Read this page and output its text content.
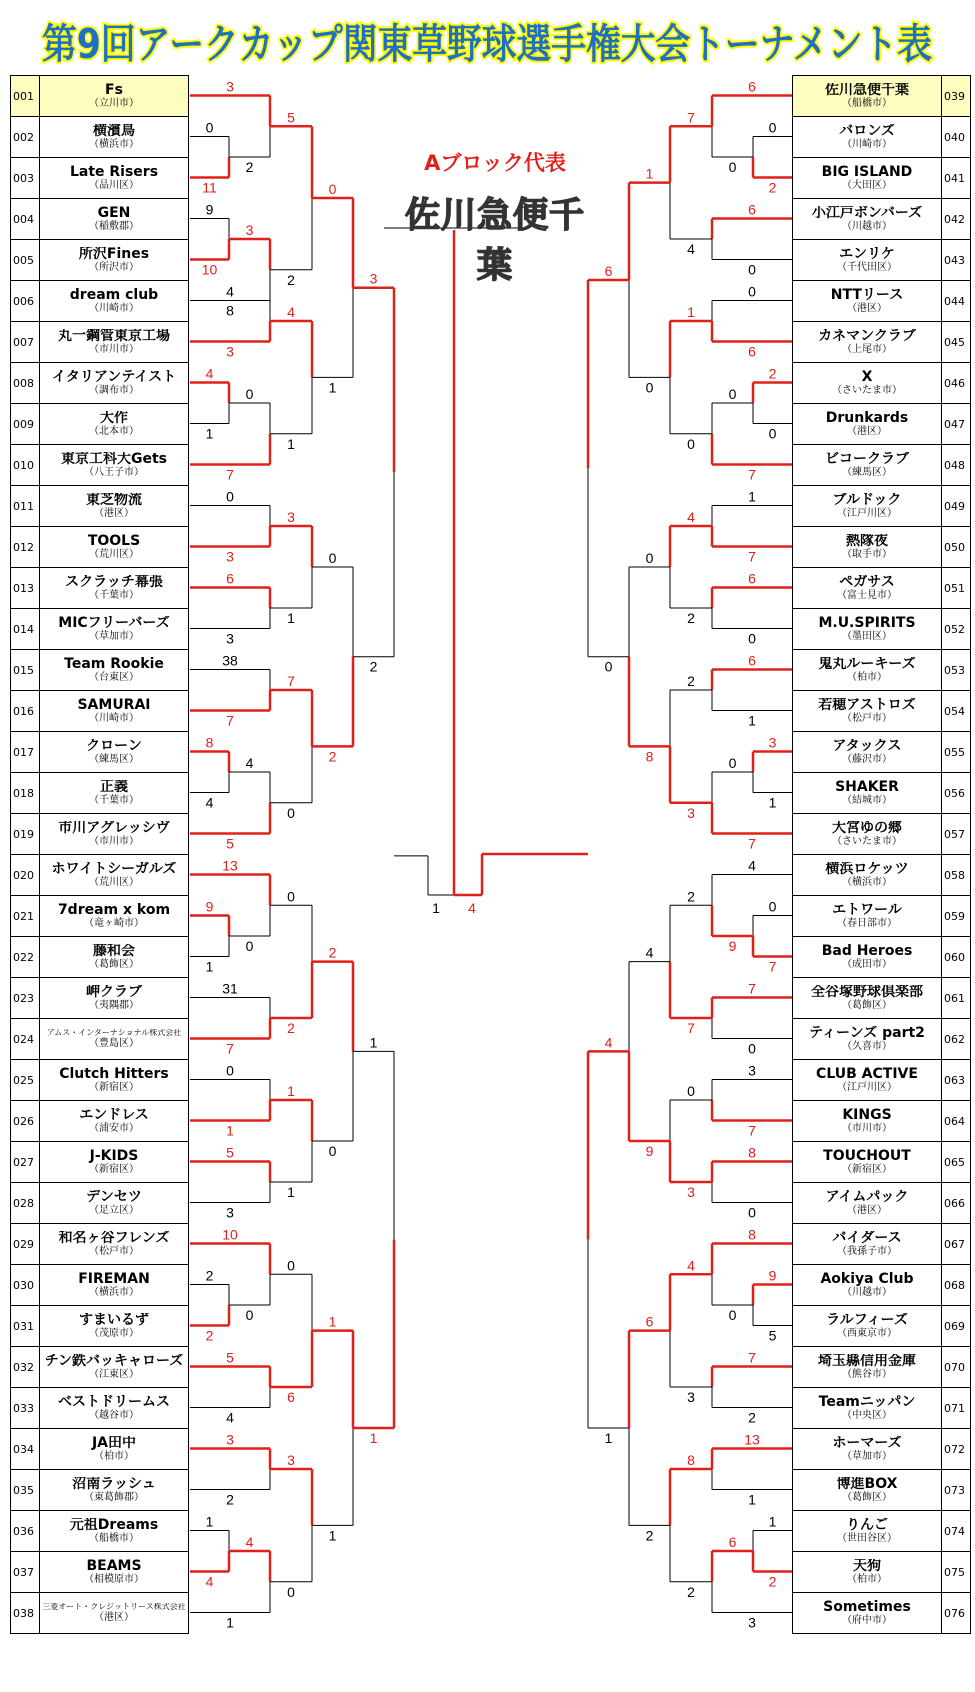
第9回アークカップ関東草野球選手権大会トーナメント表
0
11
9
10
4
1
8
4
9
1
2
2
1
4
3
2
3
8
4
3
0
7
0
3
6
3
38
7
4
5
13
0
31
7
0
1
5
3
10
0
5
4
3
2
4
1
5
2
4
1
3
1
7
0
0
2
1
1
0
6
3
0
0
1
0
2
2
0
1
1
3
2
1
1
0
2
2
0
3
1
0
7
9
5
1
2
6
0
6
0
0
6
0
7
1
7
6
0
6
1
0
7
4
9
7
0
3
7
8
0
8
0
7
2
13
1
6
3
7
4
1
0
4
2
2
3
2
7
0
3
4
3
8
2
1
0
0
8
4
9
6
2
6
0
4
1
1 4
001	Fs
（立川市）

002	横濱鳥
（横浜市）

003	Late Risers
（品川区）

004	GEN
（稲敷郡）

005	所沢Fines
（所沢市）

006	dream club
（川崎市）

007	丸一鋼管東京工場
（市川市）

008	イタリアンテイスト
（調布市）

009	大作
（北本市）

010	東京工科大Gets
（八王子市）

011	東芝物流
（港区）

012	TOOLS
（荒川区）

013	スクラッチ幕張
（千葉市）

014	MICフリーバーズ
（草加市）

015	Team Rookie
（台東区）

016	SAMURAI
（川崎市）

017	クローン
（練馬区）

018	正義
（千葉市）

019	市川アグレッシヴ
（市川市）

020	ホワイトシーガルズ
（荒川区）

021	7dream x kom
（竜ヶ崎市）

022	藤和会
（葛飾区）

023	岬クラブ
（夷隅郡）

024	アムス・インターナショナル株式会社
（豊島区）

025	Clutch Hitters
（新宿区）

026	エンドレス
（浦安市）

027	J-KIDS
（新宿区）

028	デンセツ
（足立区）

029	和名ヶ谷フレンズ
（松戸市）

030	FIREMAN
（横浜市）

031	すまいるず
（茂原市）

032	チン鉄バッキャローズ
（江東区）

033	ベストドリームス
（越谷市）

034	JA田中
（柏市）

035	沼南ラッシュ
（東葛飾郡）

036	元祖Dreams
（船橋市）

037	BEAMS
（相模原市）

038	三菱オート・クレジットリース株式会社
（港区）
佐川急便千葉
（船橋市）	039

バロンズ
（川崎市）	040

BIG ISLAND
（大田区）	041

小江戸ボンバーズ
（川越市）	042

エンリケ
（千代田区）	043

NTTリース
（港区）	044

カネマンクラブ
（上尾市）	045

X
（さいたま市）	046

Drunkards
（港区）	047

ビコークラブ
（練馬区）	048

ブルドック
（江戸川区）	049

熱隊夜
（取手市）	050

ペガサス
（富士見市）	051

M.U.SPIRITS
（墨田区）	052

鬼丸ルーキーズ
（柏市）	053

若穂アストロズ
（松戸市）	054

アタックス
（藤沢市）	055

SHAKER
（結城市）	056

大宮ゆの郷
（さいたま市）	057

横浜ロケッツ
（横浜市）	058

エトワール
（春日部市）	059

Bad Heroes
（成田市）	060

全谷塚野球倶楽部
（葛飾区）	061

ティーンズ part2
（久喜市）	062

CLUB ACTIVE
（江戸川区）	063

KINGS
（市川市）	064

TOUCHOUT
（新宿区）	065

アイムパック
（港区）	066

バイダース
（我孫子市）	067

Aokiya Club
（川越市）	068

ラルフィーズ
（西東京市）	069

埼玉縣信用金庫
（熊谷市）	070

Teamニッパン
（中央区）	071

ホーマーズ
（草加市）	072

博進BOX
（葛飾区）	073

りんご
（世田谷区）	074

天狗
（柏市）	075

Sometimes
（府中市）	076
Aブロック代表
佐川急便千葉
